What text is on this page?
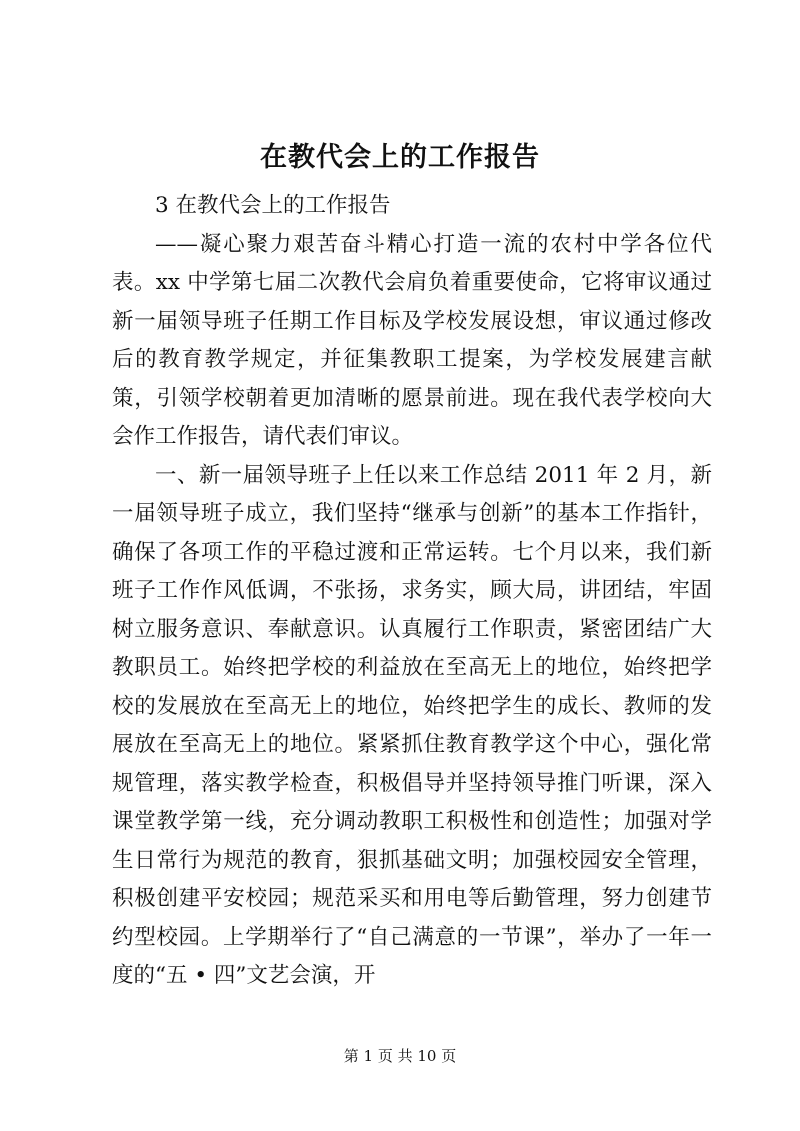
在教代会上的工作报告

3 在教代会上的工作报告

——凝心聚力艰苦奋斗精心打造一流的农村中学各位代表。xx 中学第七届二次教代会肩负着重要使命，它将审议通过新一届领导班子任期工作目标及学校发展设想，审议通过修改后的教育教学规定，并征集教职工提案，为学校发展建言献策，引领学校朝着更加清晰的愿景前进。现在我代表学校向大会作工作报告，请代表们审议。

一、新一届领导班子上任以来工作总结 2011 年 2 月，新一届领导班子成立，我们坚持“继承与创新”的基本工作指针，确保了各项工作的平稳过渡和正常运转。七个月以来，我们新班子工作作风低调，不张扬，求务实，顾大局，讲团结，牢固树立服务意识、奉献意识。认真履行工作职责，紧密团结广大教职员工。始终把学校的利益放在至高无上的地位，始终把学校的发展放在至高无上的地位，始终把学生的成长、教师的发展放在至高无上的地位。紧紧抓住教育教学这个中心，强化常规管理，落实教学检查，积极倡导并坚持领导推门听课，深入课堂教学第一线，充分调动教职工积极性和创造性；加强对学生日常行为规范的教育，狠抓基础文明；加强校园安全管理，积极创建平安校园；规范采买和用电等后勤管理，努力创建节约型校园。上学期举行了“自己满意的一节课”，举办了一年一度的“五 • 四”文艺会演，开

第 1 页 共 10 页
